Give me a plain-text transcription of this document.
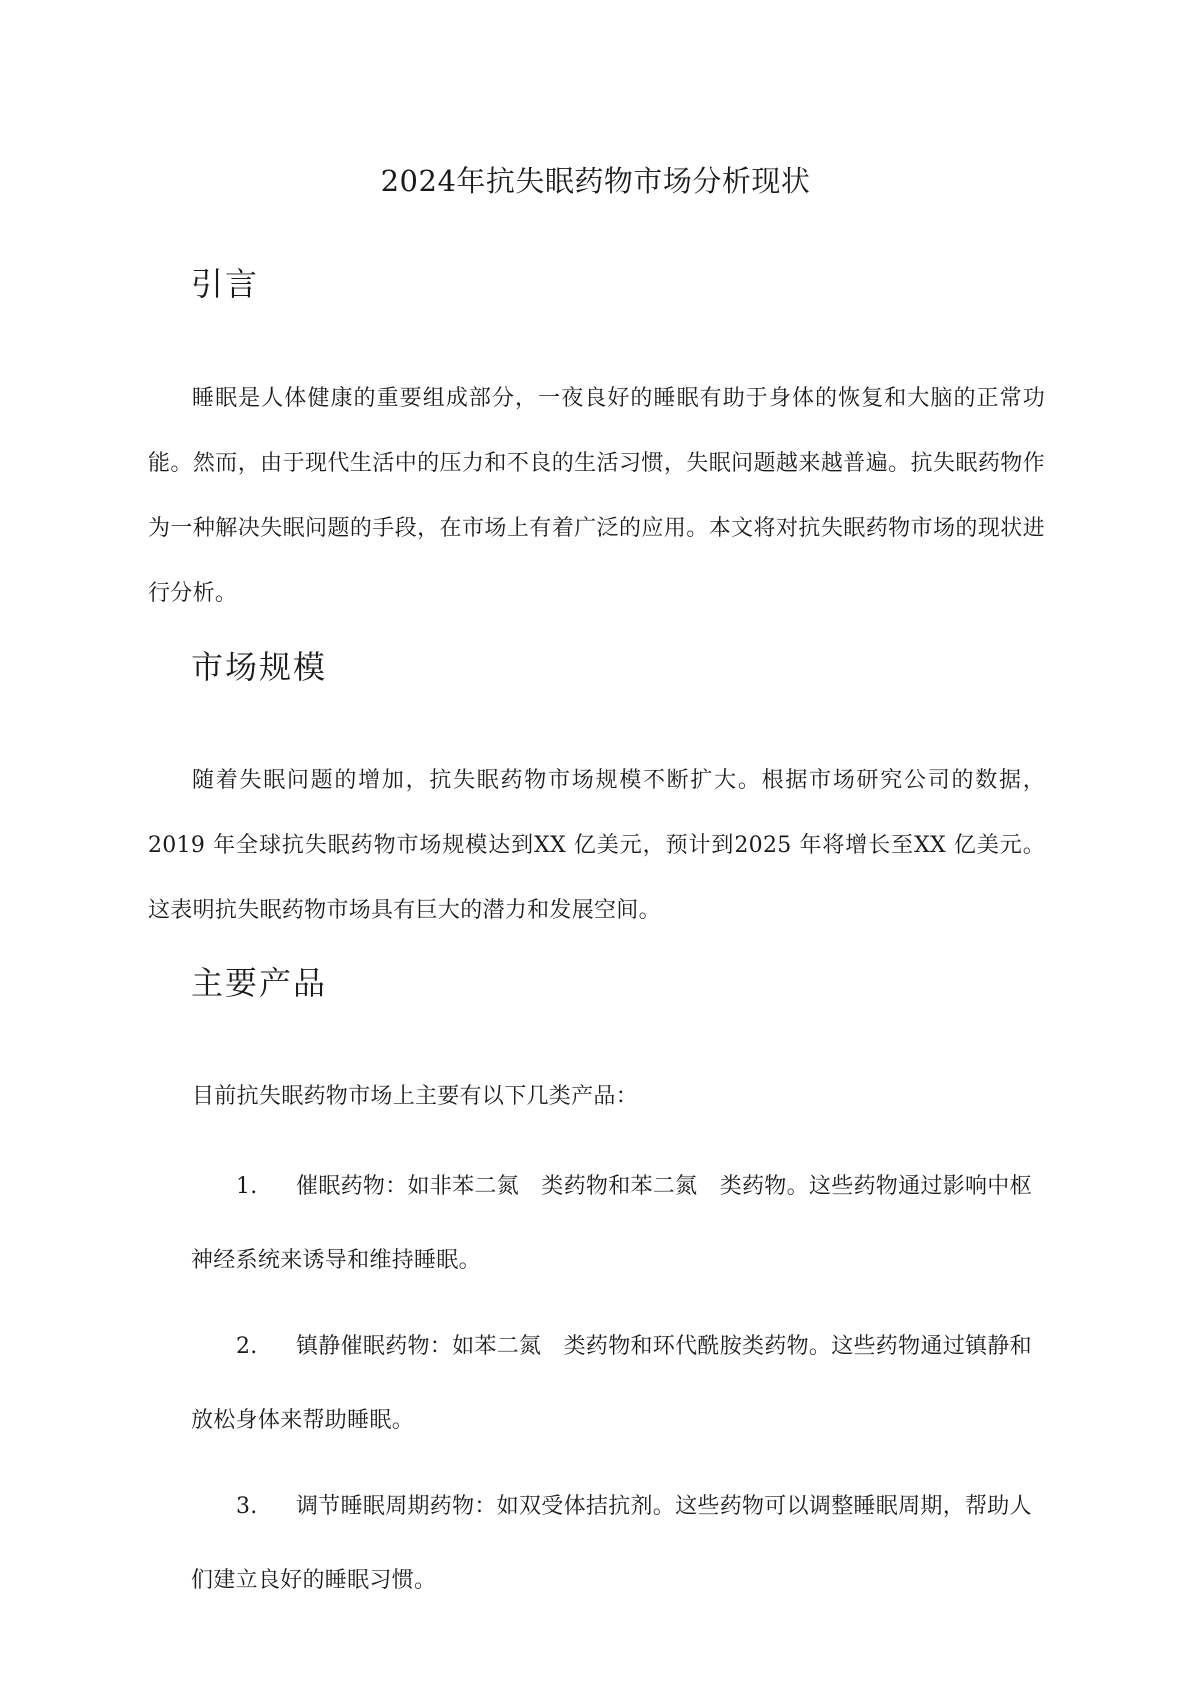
2024年抗失眠药物市场分析现状
引言

睡眠是人体健康的重要组成部分，一夜良好的睡眠有助于身体的恢复和大脑的正常功能。然而，由于现代生活中的压力和不良的生活习惯，失眠问题越来越普遍。抗失眠药物作为一种解决失眠问题的手段，在市场上有着广泛的应用。本文将对抗失眠药物市场的现状进行分析。

市场规模

随着失眠问题的增加，抗失眠药物市场规模不断扩大。根据市场研究公司的数据，2019 年全球抗失眠药物市场规模达到XX 亿美元，预计到2025 年将增长至XX 亿美元。这表明抗失眠药物市场具有巨大的潜力和发展空间。

主要产品

目前抗失眠药物市场上主要有以下几类产品：

1. 催眠药物：如非苯二氮　类药物和苯二氮　类药物。这些药物通过影响中枢神经系统来诱导和维持睡眠。

2. 镇静催眠药物：如苯二氮　类药物和环代酰胺类药物。这些药物通过镇静和放松身体来帮助睡眠。

3. 调节睡眠周期药物：如双受体拮抗剂。这些药物可以调整睡眠周期，帮助人们建立良好的睡眠习惯。
